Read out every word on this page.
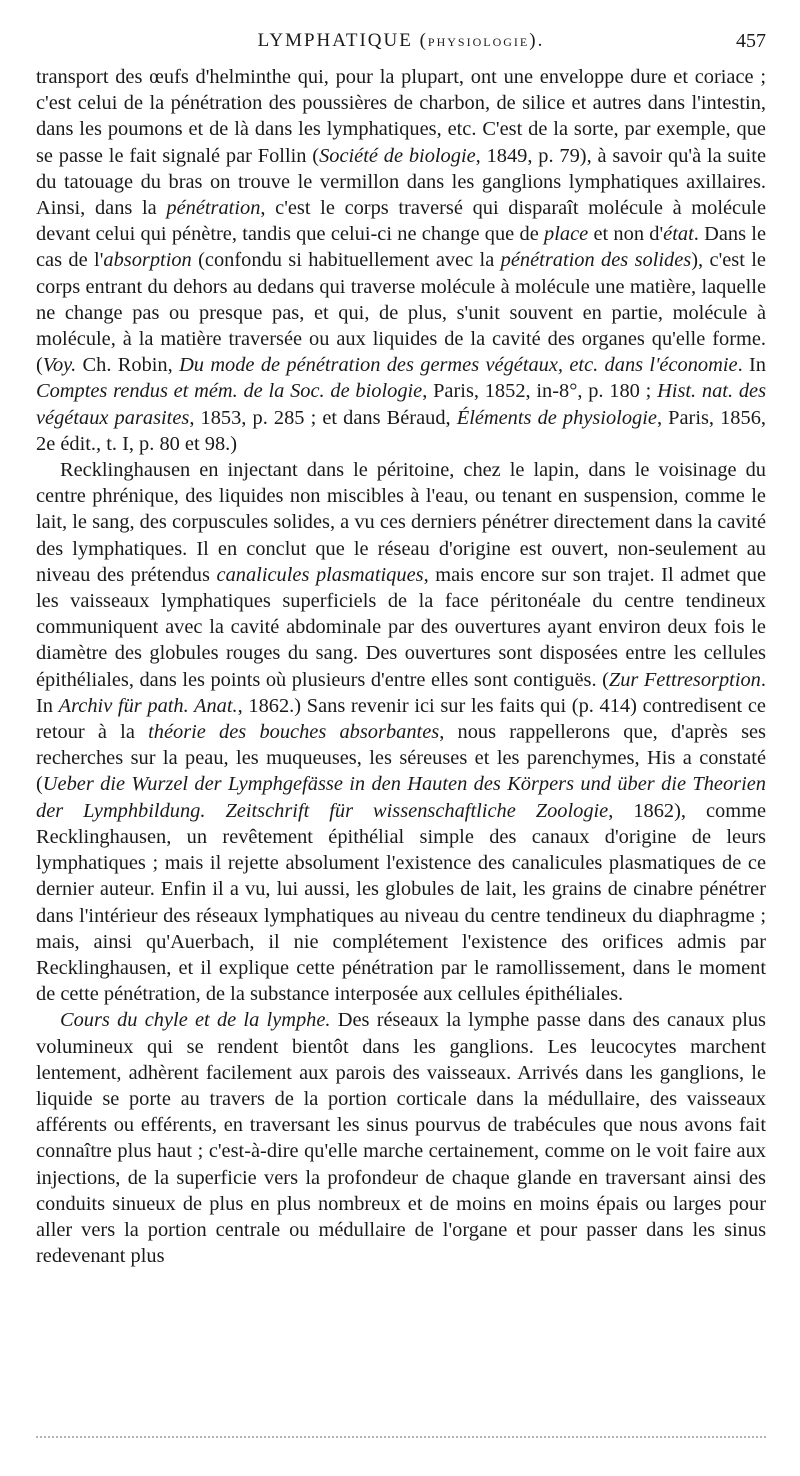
LYMPHATIQUE (PHYSIOLOGIE).	457

transport des œufs d'helminthe qui, pour la plupart, ont une enveloppe dure et coriace ; c'est celui de la pénétration des poussières de charbon, de silice et autres dans l'intestin, dans les poumons et de là dans les lymphatiques, etc. C'est de la sorte, par exemple, que se passe le fait signalé par Follin (Société de biologie, 1849, p. 79), à savoir qu'à la suite du tatouage du bras on trouve le vermillon dans les ganglions lymphatiques axillaires. Ainsi, dans la pénétration, c'est le corps traversé qui disparaît molécule à molécule devant celui qui pénètre, tandis que celui-ci ne change que de place et non d'état. Dans le cas de l'absorption (confondu si habituellement avec la pénétration des solides), c'est le corps entrant du dehors au dedans qui traverse molécule à molécule une matière, laquelle ne change pas ou presque pas, et qui, de plus, s'unit souvent en partie, molécule à molécule, à la matière traversée ou aux liquides de la cavité des organes qu'elle forme. (Voy. Ch. Robin, Du mode de pénétration des germes végétaux, etc. dans l'économie. In Comptes rendus et mém. de la Soc. de biologie, Paris, 1852, in-8°, p. 180 ; Hist. nat. des végétaux parasites, 1853, p. 285 ; et dans Béraud, Éléments de physiologie, Paris, 1856, 2e édit., t. I, p. 80 et 98.)

Recklinghausen en injectant dans le péritoine, chez le lapin, dans le voisinage du centre phrénique, des liquides non miscibles à l'eau, ou tenant en suspension, comme le lait, le sang, des corpuscules solides, a vu ces derniers pénétrer directement dans la cavité des lymphatiques. Il en conclut que le réseau d'origine est ouvert, non-seulement au niveau des prétendus canalicules plasmatiques, mais encore sur son trajet. Il admet que les vaisseaux lymphatiques superficiels de la face péritonéale du centre tendineux communiquent avec la cavité abdominale par des ouvertures ayant environ deux fois le diamètre des globules rouges du sang. Des ouvertures sont disposées entre les cellules épithéliales, dans les points où plusieurs d'entre elles sont contiguës. (Zur Fettresorption. In Archiv für path. Anat., 1862.) Sans revenir ici sur les faits qui (p. 414) contredisent ce retour à la théorie des bouches absorbantes, nous rappellerons que, d'après ses recherches sur la peau, les muqueuses, les séreuses et les parenchymes, His a constaté (Ueber die Wurzel der Lymphgefässe in den Hauten des Körpers und über die Theorien der Lymphbildung. Zeitschrift für wissenschaftliche Zoologie, 1862), comme Recklinghausen, un revêtement épithélial simple des canaux d'origine de leurs lymphatiques ; mais il rejette absolument l'existence des canalicules plasmatiques de ce dernier auteur. Enfin il a vu, lui aussi, les globules de lait, les grains de cinabre pénétrer dans l'intérieur des réseaux lymphatiques au niveau du centre tendineux du diaphragme ; mais, ainsi qu'Auerbach, il nie complétement l'existence des orifices admis par Recklinghausen, et il explique cette pénétration par le ramollissement, dans le moment de cette pénétration, de la substance interposée aux cellules épithéliales.

Cours du chyle et de la lymphe. Des réseaux la lymphe passe dans des canaux plus volumineux qui se rendent bientôt dans les ganglions. Les leucocytes marchent lentement, adhèrent facilement aux parois des vaisseaux. Arrivés dans les ganglions, le liquide se porte au travers de la portion corticale dans la médullaire, des vaisseaux afférents ou efférents, en traversant les sinus pourvus de trabécules que nous avons fait connaître plus haut ; c'est-à-dire qu'elle marche certainement, comme on le voit faire aux injections, de la superficie vers la profondeur de chaque glande en traversant ainsi des conduits sinueux de plus en plus nombreux et de moins en moins épais ou larges pour aller vers la portion centrale ou médullaire de l'organe et pour passer dans les sinus redevenant plus
